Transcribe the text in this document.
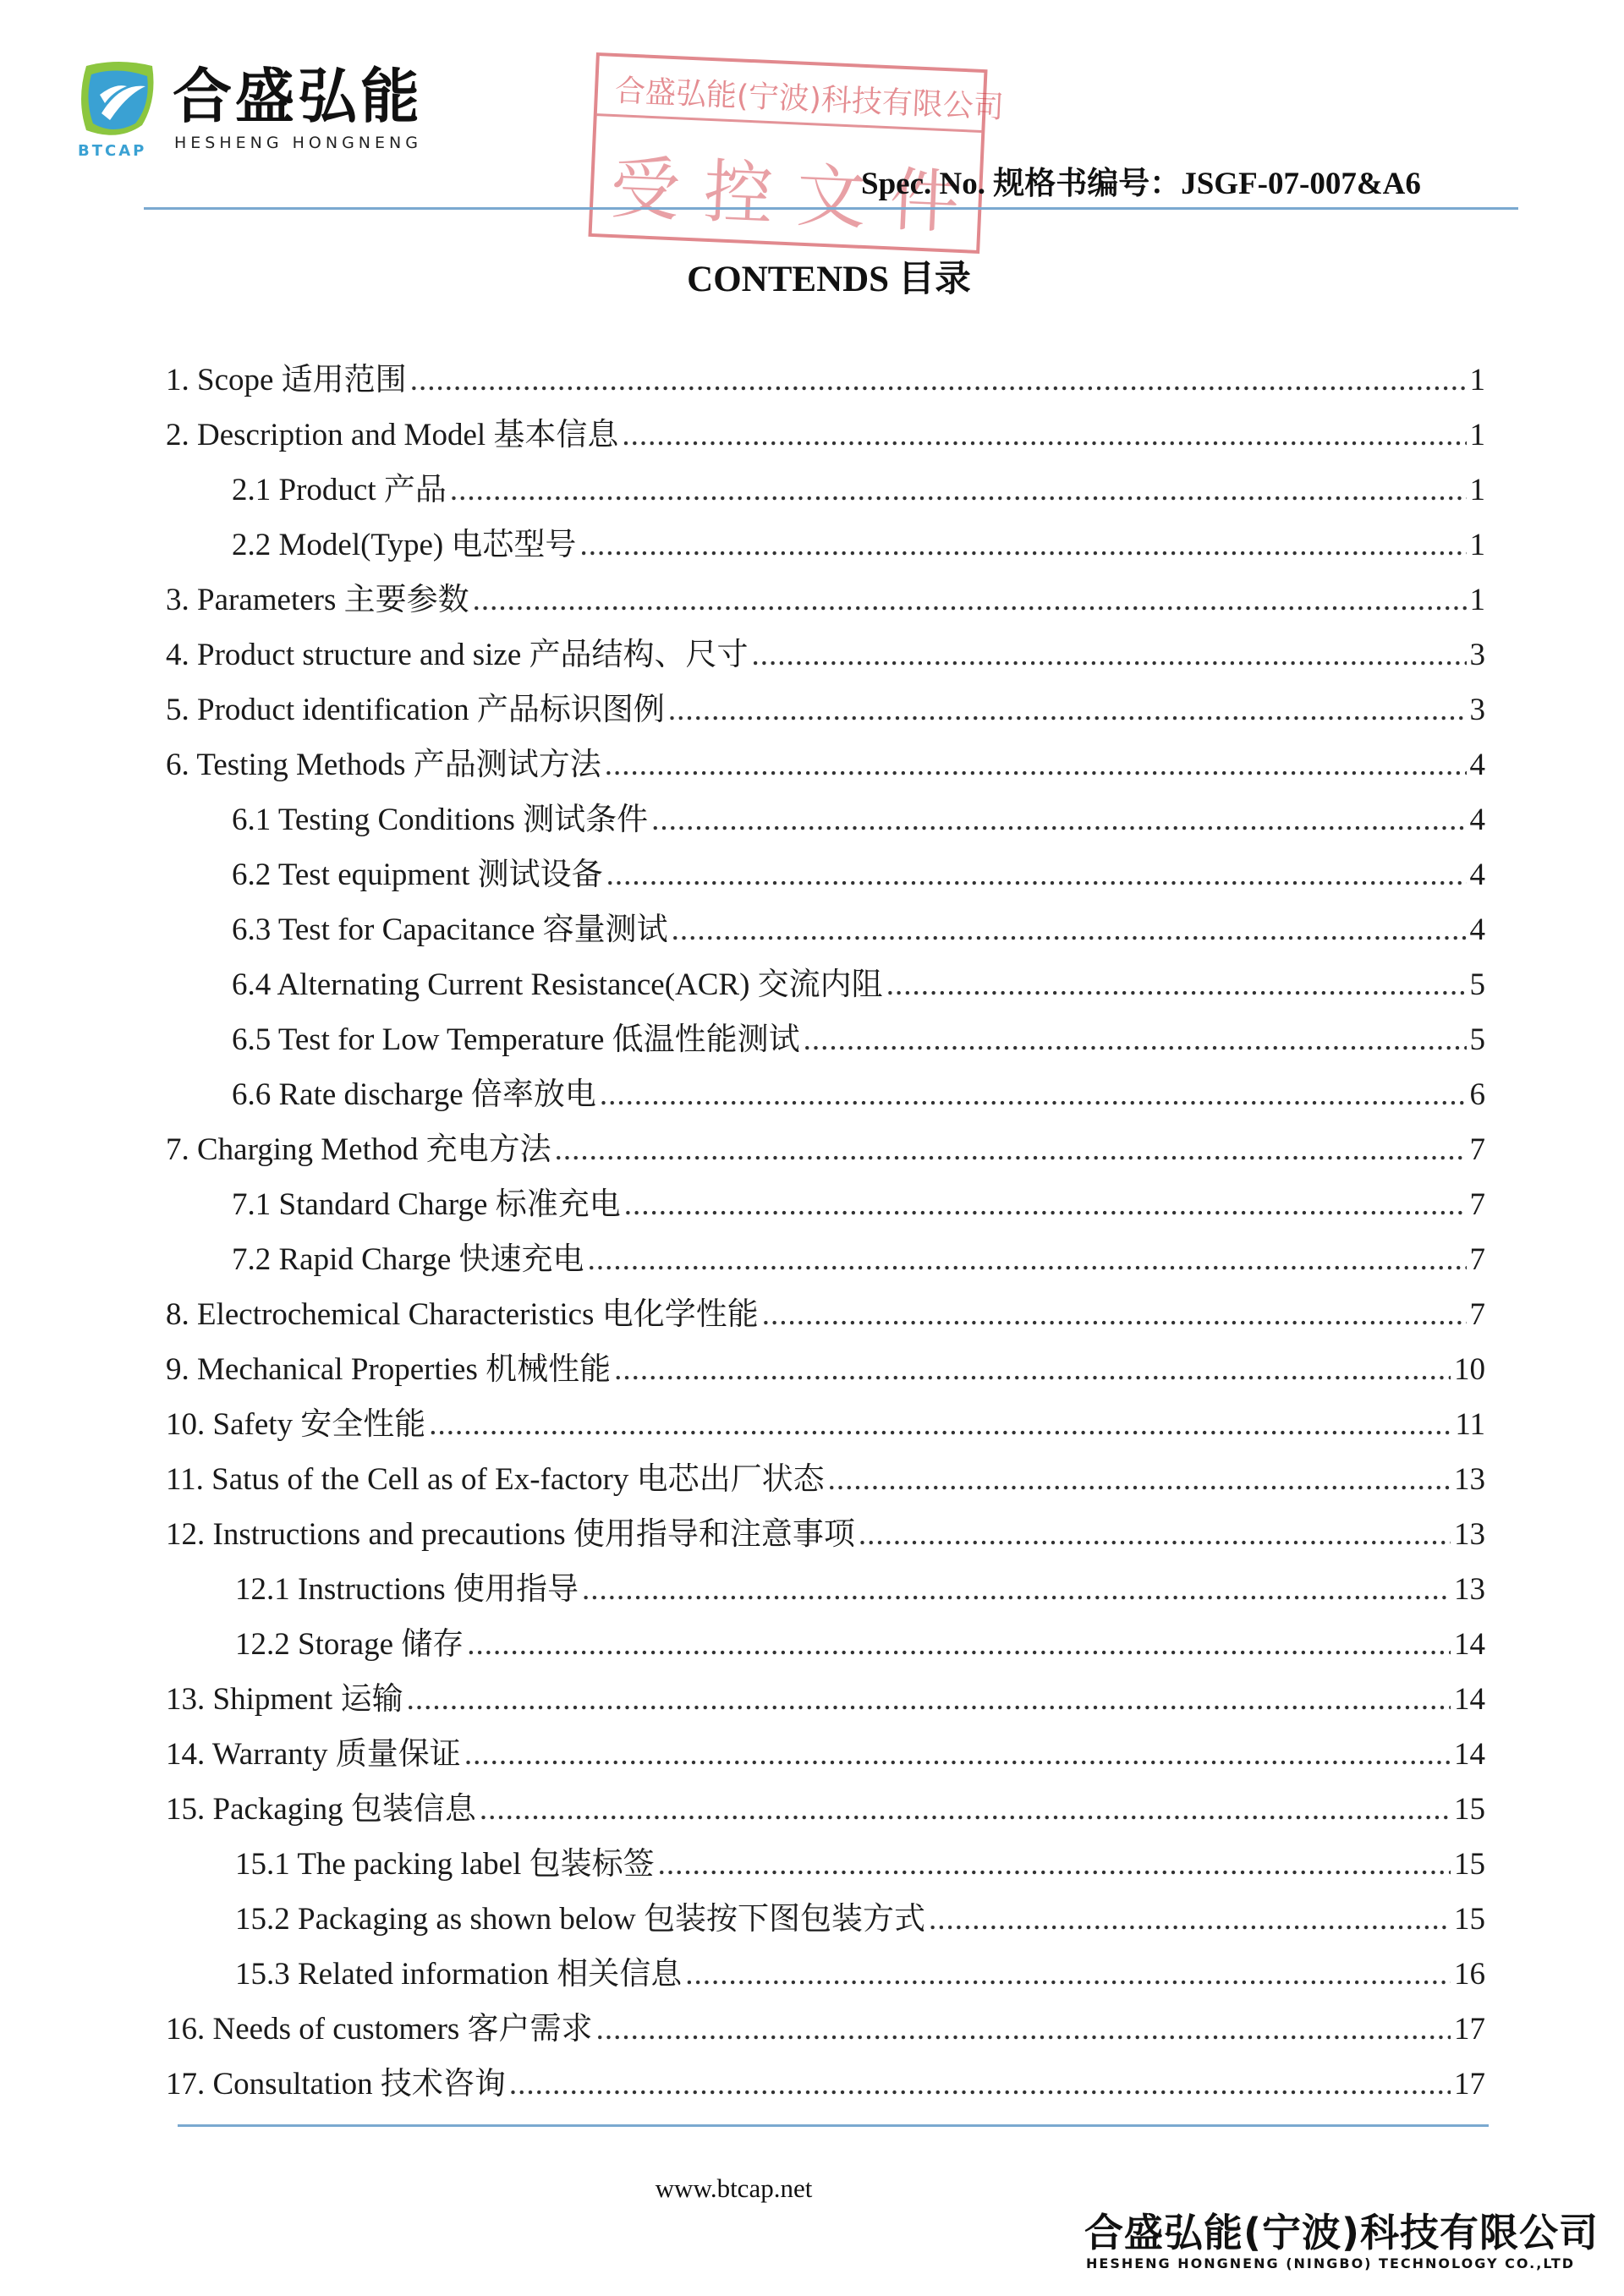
合盛弘能
HESHENG HONGNENG
BTCAP
合盛弘能(宁波)科技有限公司
受控文件
Spec. No. 规格书编号：JSGF-07-007&A6
CONTENDS 目录
1. Scope 适用范围 .....	1
2. Description and Model 基本信息 .....	1
2.1 Product 产品 .....	1
2.2 Model(Type) 电芯型号 .....	1
3. Parameters 主要参数 .....	1
4. Product structure and size 产品结构、尺寸 .....	3
5. Product identification 产品标识图例 .....	3
6. Testing Methods 产品测试方法 .....	4
6.1 Testing Conditions 测试条件 .....	4
6.2 Test equipment 测试设备 .....	4
6.3 Test for Capacitance 容量测试 .....	4
6.4 Alternating Current Resistance(ACR) 交流内阻 .....	5
6.5 Test for Low Temperature 低温性能测试 .....	5
6.6 Rate discharge 倍率放电 .....	6
7. Charging Method 充电方法 .....	7
7.1 Standard Charge 标准充电 .....	7
7.2 Rapid Charge 快速充电 .....	7
8. Electrochemical Characteristics 电化学性能 .....	7
9. Mechanical Properties 机械性能 .....	10
10. Safety 安全性能 .....	11
11. Satus of the Cell as of Ex-factory 电芯出厂状态 .....	13
12. Instructions and precautions 使用指导和注意事项 .....	13
12.1 Instructions 使用指导 .....	13
12.2 Storage 储存 .....	14
13. Shipment 运输 .....	14
14. Warranty 质量保证 .....	14
15. Packaging 包装信息 .....	15
15.1 The packing label 包装标签 .....	15
15.2 Packaging as shown below 包装按下图包装方式 .....	15
15.3 Related information 相关信息 .....	16
16. Needs of customers 客户需求 .....	17
17. Consultation 技术咨询 .....	17
www.btcap.net
合盛弘能(宁波)科技有限公司
HESHENG HONGNENG (NINGBO) TECHNOLOGY CO.,LTD
